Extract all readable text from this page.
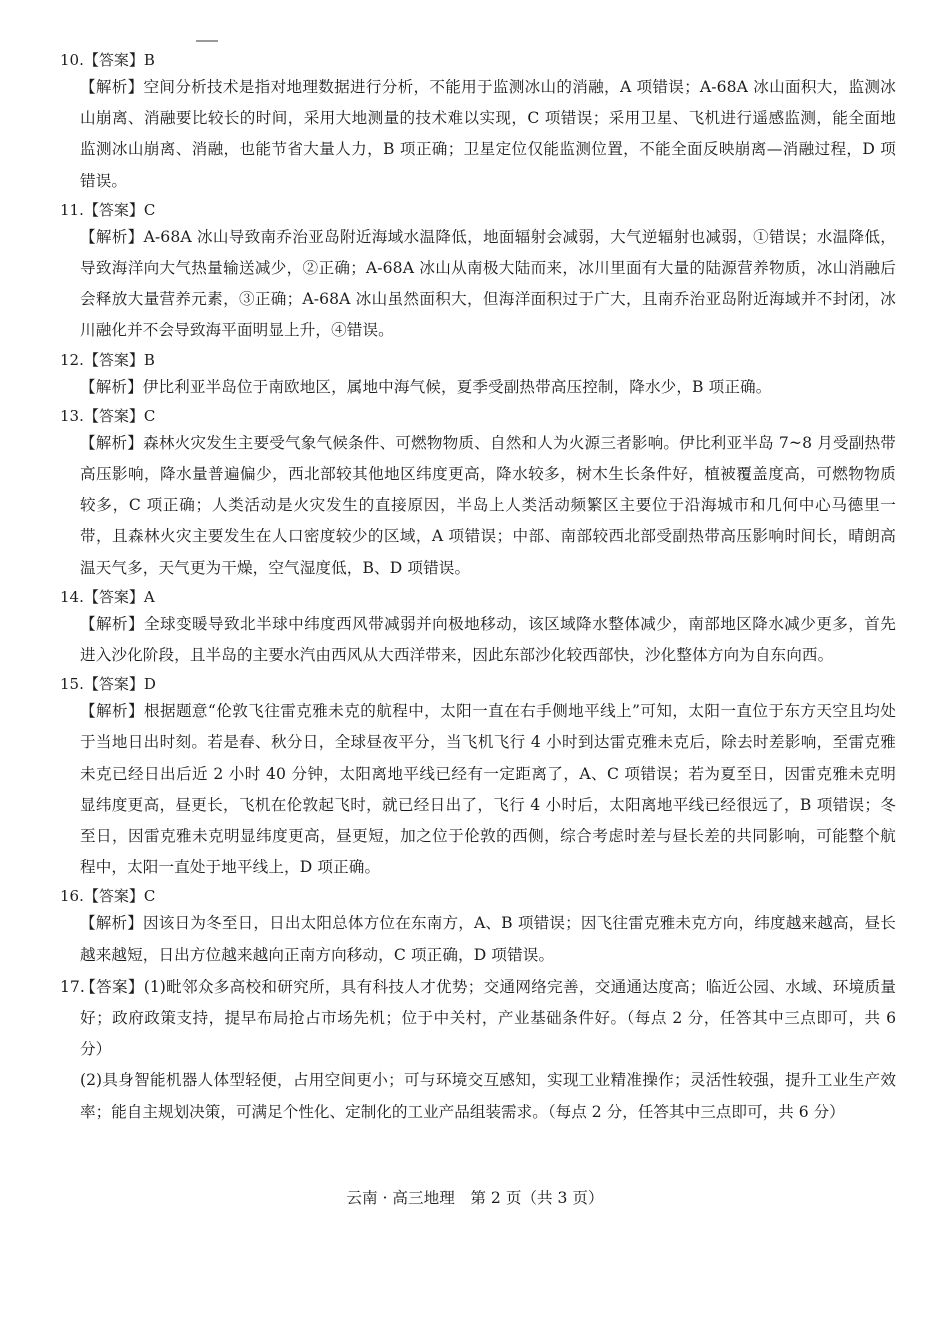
10.【答案】B
【解析】空间分析技术是指对地理数据进行分析，不能用于监测冰山的消融，A 项错误；A-68A 冰山面积大，监测冰山崩离、消融要比较长的时间，采用大地测量的技术难以实现，C 项错误；采用卫星、飞机进行遥感监测，能全面地监测冰山崩离、消融，也能节省大量人力，B 项正确；卫星定位仅能监测位置，不能全面反映崩离—消融过程，D 项错误。
11.【答案】C
【解析】A-68A 冰山导致南乔治亚岛附近海域水温降低，地面辐射会减弱，大气逆辐射也减弱，①错误；水温降低，导致海洋向大气热量输送减少，②正确；A-68A 冰山从南极大陆而来，冰川里面有大量的陆源营养物质，冰山消融后会释放大量营养元素，③正确；A-68A 冰山虽然面积大，但海洋面积过于广大，且南乔治亚岛附近海域并不封闭，冰川融化并不会导致海平面明显上升，④错误。
12.【答案】B
【解析】伊比利亚半岛位于南欧地区，属地中海气候，夏季受副热带高压控制，降水少，B 项正确。
13.【答案】C
【解析】森林火灾发生主要受气象气候条件、可燃物物质、自然和人为火源三者影响。伊比利亚半岛 7~8 月受副热带高压影响，降水量普遍偏少，西北部较其他地区纬度更高，降水较多，树木生长条件好，植被覆盖度高，可燃物物质较多，C 项正确；人类活动是火灾发生的直接原因，半岛上人类活动频繁区主要位于沿海城市和几何中心马德里一带，且森林火灾主要发生在人口密度较少的区域，A 项错误；中部、南部较西北部受副热带高压影响时间长，晴朗高温天气多，天气更为干燥，空气湿度低，B、D 项错误。
14.【答案】A
【解析】全球变暖导致北半球中纬度西风带减弱并向极地移动，该区域降水整体减少，南部地区降水减少更多，首先进入沙化阶段，且半岛的主要水汽由西风从大西洋带来，因此东部沙化较西部快，沙化整体方向为自东向西。
15.【答案】D
【解析】根据题意“伦敦飞往雷克雅未克的航程中，太阳一直在右手侧地平线上”可知，太阳一直位于东方天空且均处于当地日出时刻。若是春、秋分日，全球昼夜平分，当飞机飞行 4 小时到达雷克雅未克后，除去时差影响，至雷克雅未克已经日出后近 2 小时 40 分钟，太阳离地平线已经有一定距离了，A、C 项错误；若为夏至日，因雷克雅未克明显纬度更高，昼更长，飞机在伦敦起飞时，就已经日出了，飞行 4 小时后，太阳离地平线已经很远了，B 项错误；冬至日，因雷克雅未克明显纬度更高，昼更短，加之位于伦敦的西侧，综合考虑时差与昼长差的共同影响，可能整个航程中，太阳一直处于地平线上，D 项正确。
16.【答案】C
【解析】因该日为冬至日，日出太阳总体方位在东南方，A、B 项错误；因飞往雷克雅未克方向，纬度越来越高，昼长越来越短，日出方位越来越向正南方向移动，C 项正确，D 项错误。
17.【答案】(1)毗邻众多高校和研究所，具有科技人才优势；交通网络完善，交通通达度高；临近公园、水域、环境质量好；政府政策支持，提早布局抢占市场先机；位于中关村，产业基础条件好。（每点 2 分，任答其中三点即可，共 6 分）
(2)具身智能机器人体型轻便，占用空间更小；可与环境交互感知，实现工业精准操作；灵活性较强，提升工业生产效率；能自主规划决策，可满足个性化、定制化的工业产品组装需求。（每点 2 分，任答其中三点即可，共 6 分）
云南 · 高三地理　第 2 页（共 3 页）
